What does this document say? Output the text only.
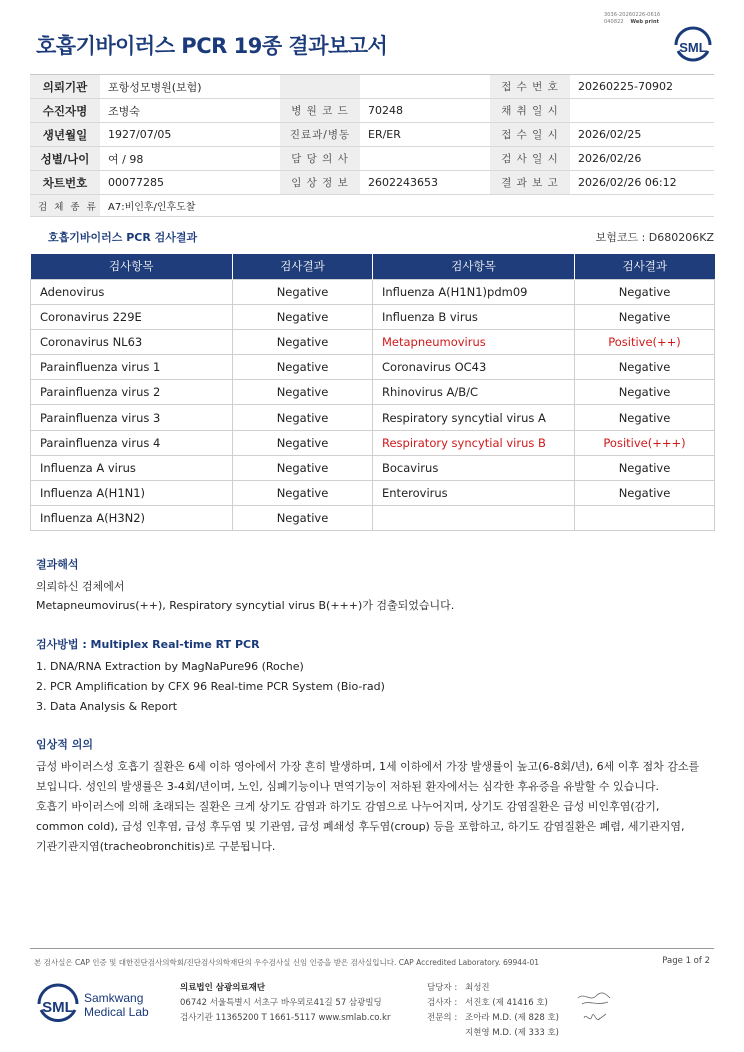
3036-20260226-0616
040822 Web print
호흡기바이러스 PCR 19종 결과보고서	SML
의뢰기관	포항성모병원(보험)			접 수 번 호	20260225-70902
수진자명	조병숙	병 원 코 드	70248	채 취 일 시	
생년월일	1927/07/05	진료과/병동	ER/ER	접 수 일 시	2026/02/25
성별/나이	여 / 98	담 당 의 사		검 사 일 시	2026/02/26
차트번호	00077285	임 상 정 보	2602243653	결 과 보 고	2026/02/26 06:12
검 체 종 류	A7:비인후/인후도찰				
호흡기바이러스 PCR 검사결과	보험코드 : D680206KZ
검사항목	검사결과	검사항목	검사결과
Adenovirus	Negative	Influenza A(H1N1)pdm09	Negative
Coronavirus 229E	Negative	Influenza B virus	Negative
Coronavirus NL63	Negative	Metapneumovirus	Positive(++)
Parainfluenza virus 1	Negative	Coronavirus OC43	Negative
Parainfluenza virus 2	Negative	Rhinovirus A/B/C	Negative
Parainfluenza virus 3	Negative	Respiratory syncytial virus A	Negative
Parainfluenza virus 4	Negative	Respiratory syncytial virus B	Positive(+++)
Influenza A virus	Negative	Bocavirus	Negative
Influenza A(H1N1)	Negative	Enterovirus	Negative
Influenza A(H3N2)	Negative		
결과해석

의뢰하신 검체에서

Metapneumovirus(++), Respiratory syncytial virus B(+++)가 검출되었습니다.

검사방법 : Multiplex Real-time RT PCR

1. DNA/RNA Extraction by MagNaPure96 (Roche)

2. PCR Amplification by CFX 96 Real-time PCR System (Bio-rad)

3. Data Analysis & Report

임상적 의의

급성 바이러스성 호흡기 질환은 6세 이하 영아에서 가장 흔히 발생하며, 1세 이하에서 가장 발생률이 높고(6-8회/년), 6세 이후 점차 감소를

보입니다. 성인의 발생률은 3-4회/년이며, 노인, 심폐기능이나 면역기능이 저하된 환자에서는 심각한 후유증을 유발할 수 있습니다.

호흡기 바이러스에 의해 초래되는 질환은 크게 상기도 감염과 하기도 감염으로 나누어지며, 상기도 감염질환은 급성 비인후염(감기,

common cold), 급성 인후염, 급성 후두염 및 기관염, 급성 폐쇄성 후두염(croup) 등을 포함하고, 하기도 감염질환은 폐렴, 세기관지염,

기관기관지염(tracheobronchitis)로 구분됩니다.

본 검사실은 CAP 인증 및 대한진단검사의학회/진단검사의학재단의 우수검사실 신임 인증을 받은 검사실입니다. CAP Accredited Laboratory. 69944-01	Page 1 of 2
SML
Samkwang
Medical Lab
의료법인 삼광의료재단
06742 서울특별시 서초구 바우뫼로41길 57 삼광빌딩
검사기관 11365200 T 1661-5117 www.smlab.co.kr
담당자 : 최성진
검사자 : 서진호 (제 41416 호)
전문의 : 조아라 M.D. (제 828 호)
지현영 M.D. (제 333 호)
